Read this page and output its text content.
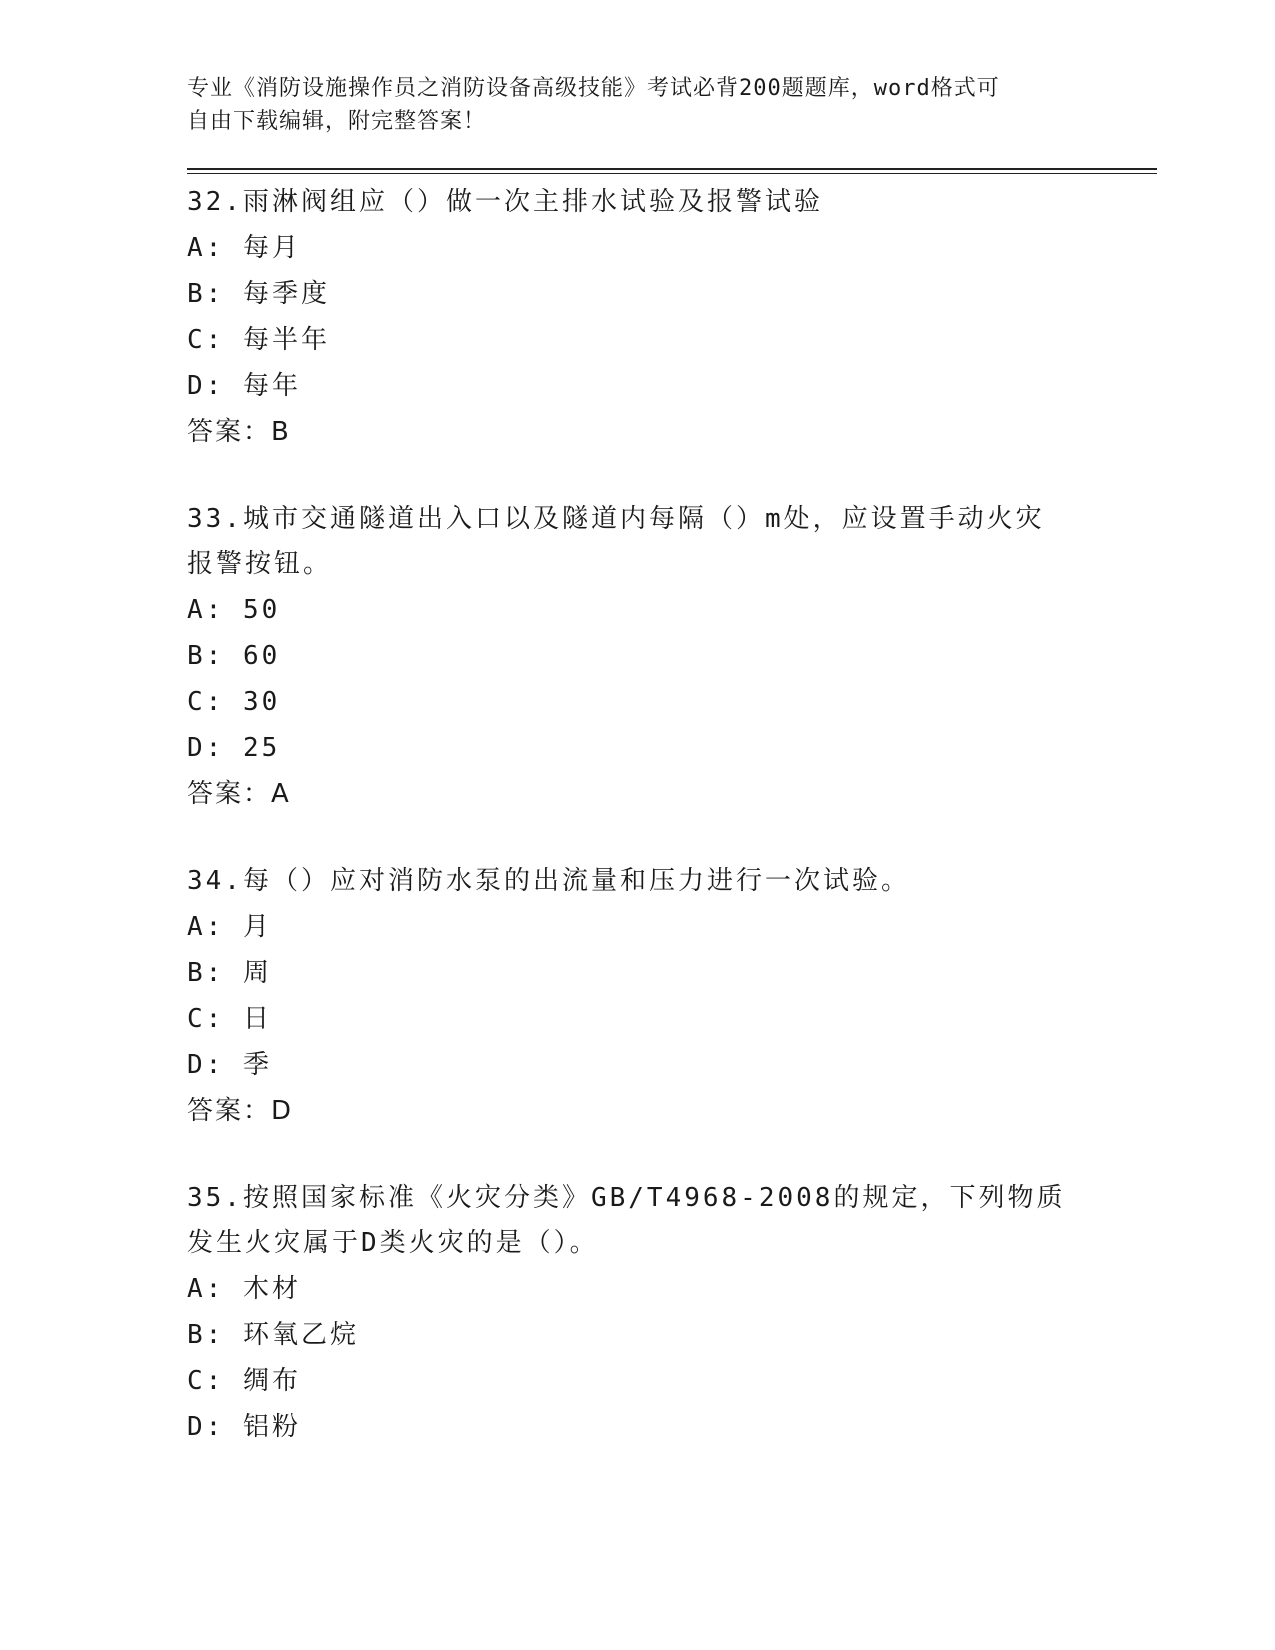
专业《消防设施操作员之消防设备高级技能》考试必背200题题库，word格式可
自由下载编辑，附完整答案！
32.雨淋阀组应（）做一次主排水试验及报警试验
A: 每月
B: 每季度
C: 每半年
D: 每年
答案：B
33.城市交通隧道出入口以及隧道内每隔（）m处，应设置手动火灾报警按钮。
A: 50
B: 60
C: 30
D: 25
答案：A
34.每（）应对消防水泵的出流量和压力进行一次试验。
A: 月
B: 周
C: 日
D: 季
答案：D
35.按照国家标准《火灾分类》GB/T4968-2008的规定，下列物质发生火灾属于D类火灾的是（）。
A: 木材
B: 环氧乙烷
C: 绸布
D: 铝粉
